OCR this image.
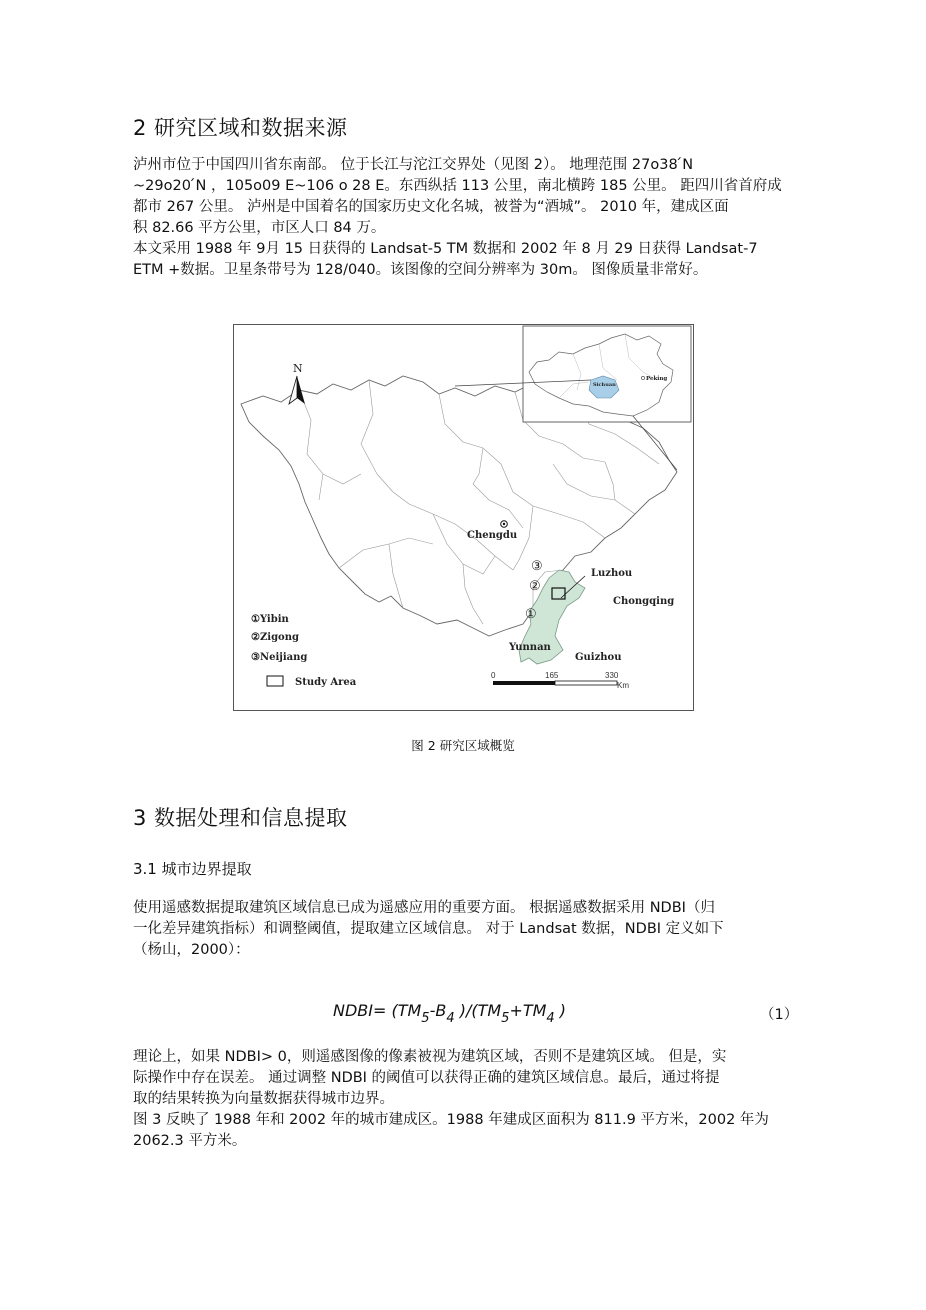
2 研究区域和数据来源
泸州市位于中国四川省东南部。 位于长江与沱江交界处（见图 2）。 地理范围 27o38 ́N
~29o20 ́N ，105o09 E~106 o 28 E。东西纵括 113 公里，南北横跨 185 公里。 距四川省首府成
都市 267 公里。 泸州是中国着名的国家历史文化名城，被誉为“酒城”。 2010 年，建成区面
积 82.66 平方公里，市区人口 84 万。
本文采用 1988 年 9月 15 日获得的 Landsat-5 TM 数据和 2002 年 8 月 29 日获得 Landsat-7
ETM +数据。卫星条带号为 128/040。该图像的空间分辨率为 30m。 图像质量非常好。
Sichuan
Peking
N
Chengdu
③
②
①
Luzhou
Chongqing
Yunnan
Guizhou
①Yibin
②Zigong
③Neijiang
Study Area
0	165	330
Km
图 2 研究区域概览
3 数据处理和信息提取
3.1 城市边界提取
使用遥感数据提取建筑区域信息已成为遥感应用的重要方面。 根据遥感数据采用 NDBI（归
一化差异建筑指标）和调整阈值，提取建立区域信息。 对于 Landsat 数据，NDBI 定义如下
（杨山，2000）：
NDBI= ($TM_5-B_4$ )$/(TM_5+TM_4$ )	（1）
理论上，如果 NDBI> 0，则遥感图像的像素被视为建筑区域，否则不是建筑区域。 但是，实
际操作中存在误差。 通过调整 NDBI 的阈值可以获得正确的建筑区域信息。最后，通过将提
取的结果转换为向量数据获得城市边界。
图 3 反映了 1988 年和 2002 年的城市建成区。1988 年建成区面积为 811.9 平方米，2002 年为
2062.3 平方米。
